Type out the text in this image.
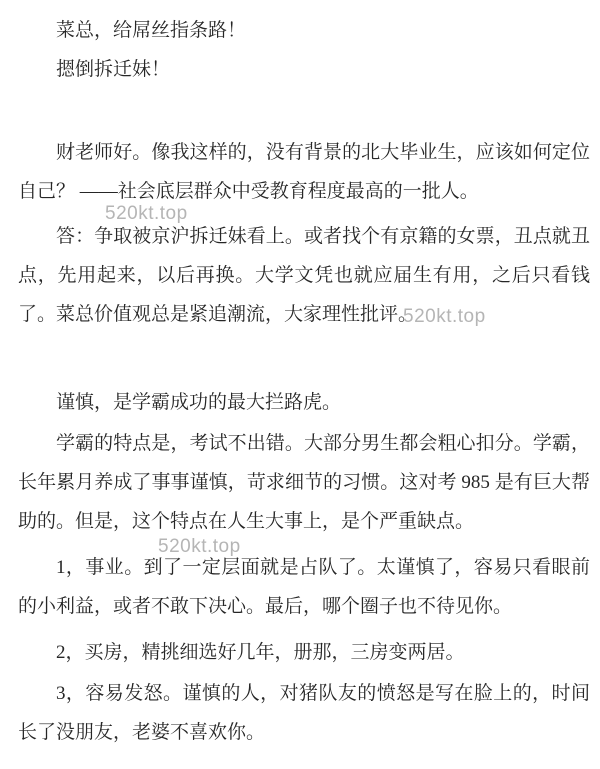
菜总，给屌丝指条路！

摁倒拆迁妹！

财老师好。像我这样的，没有背景的北大毕业生，应该如何定位自己？ ——社会底层群众中受教育程度最高的一批人。

答：争取被京沪拆迁妹看上。或者找个有京籍的女票，丑点就丑点，先用起来，以后再换。大学文凭也就应届生有用，之后只看钱了。菜总价值观总是紧追潮流，大家理性批评。

谨慎，是学霸成功的最大拦路虎。

学霸的特点是，考试不出错。大部分男生都会粗心扣分。学霸，长年累月养成了事事谨慎，苛求细节的习惯。这对考 985 是有巨大帮助的。但是，这个特点在人生大事上，是个严重缺点。

1，事业。到了一定层面就是占队了。太谨慎了，容易只看眼前的小利益，或者不敢下决心。最后，哪个圈子也不待见你。

2，买房，精挑细选好几年，册那，三房变两居。

3，容易发怒。谨慎的人，对猪队友的愤怒是写在脸上的，时间长了没朋友，老婆不喜欢你。

520kt.top
520kt.top
520kt.top
